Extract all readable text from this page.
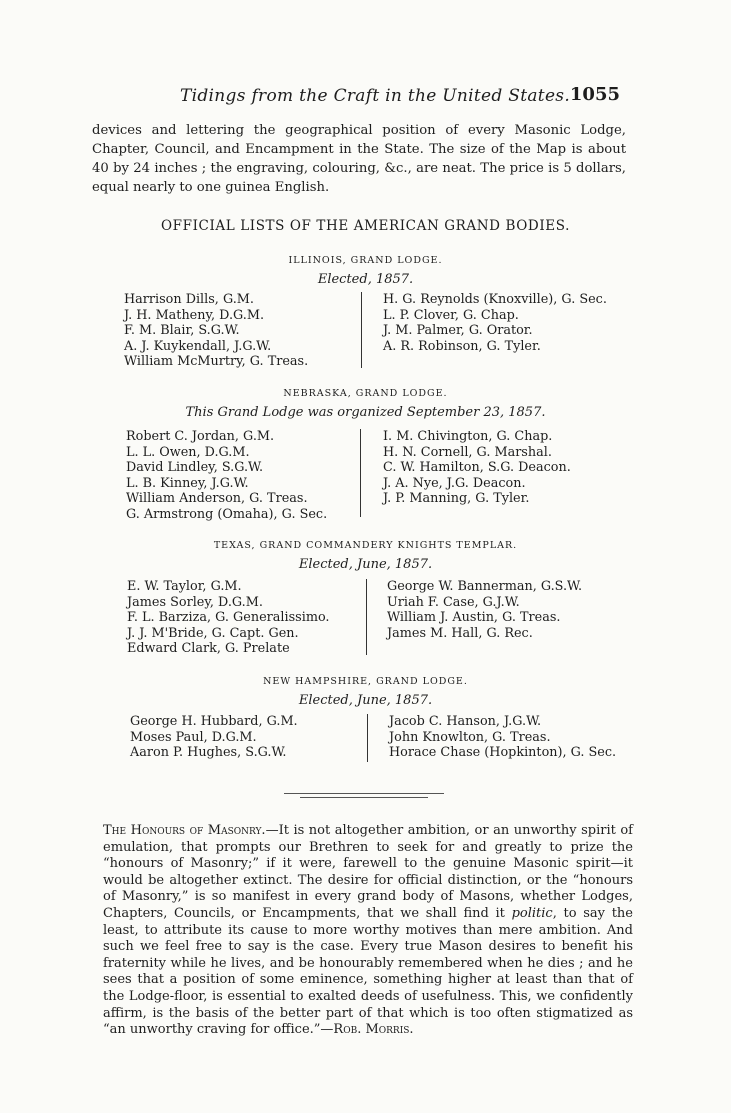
Tidings from the Craft in the United States. 1055
devices and lettering the geographical position of every Masonic Lodge, Chapter, Council, and Encampment in the State. The size of the Map is about 40 by 24 inches ; the engraving, colouring, &c., are neat. The price is 5 dollars, equal nearly to one guinea English.
OFFICIAL LISTS OF THE AMERICAN GRAND BODIES.
ILLINOIS, GRAND LODGE.
Elected, 1857.
Harrison Dills, G.M.
J. H. Matheny, D.G.M.
F. M. Blair, S.G.W.
A. J. Kuykendall, J.G.W.
William McMurtry, G. Treas.
H. G. Reynolds (Knoxville), G. Sec.
L. P. Clover, G. Chap.
J. M. Palmer, G. Orator.
A. R. Robinson, G. Tyler.
NEBRASKA, GRAND LODGE.
This Grand Lodge was organized September 23, 1857.
Robert C. Jordan, G.M.
L. L. Owen, D.G.M.
David Lindley, S.G.W.
L. B. Kinney, J.G.W.
William Anderson, G. Treas.
G. Armstrong (Omaha), G. Sec.
I. M. Chivington, G. Chap.
H. N. Cornell, G. Marshal.
C. W. Hamilton, S.G. Deacon.
J. A. Nye, J.G. Deacon.
J. P. Manning, G. Tyler.
TEXAS, GRAND COMMANDERY KNIGHTS TEMPLAR.
Elected, June, 1857.
E. W. Taylor, G.M.
James Sorley, D.G.M.
F. L. Barziza, G. Generalissimo.
J. J. M'Bride, G. Capt. Gen.
Edward Clark, G. Prelate
George W. Bannerman, G.S.W.
Uriah F. Case, G.J.W.
William J. Austin, G. Treas.
James M. Hall, G. Rec.
NEW HAMPSHIRE, GRAND LODGE.
Elected, June, 1857.
George H. Hubbard, G.M.
Moses Paul, D.G.M.
Aaron P. Hughes, S.G.W.
Jacob C. Hanson, J.G.W.
John Knowlton, G. Treas.
Horace Chase (Hopkinton), G. Sec.
The Honours of Masonry.—It is not altogether ambition, or an unworthy spirit of emulation, that prompts our Brethren to seek for and greatly to prize the “honours of Masonry;” if it were, farewell to the genuine Masonic spirit—it would be altogether extinct. The desire for official distinction, or the “honours of Masonry,” is so manifest in every grand body of Masons, whether Lodges, Chapters, Councils, or Encampments, that we shall find it politic, to say the least, to attribute its cause to more worthy motives than mere ambition. And such we feel free to say is the case. Every true Mason desires to benefit his fraternity while he lives, and be honourably remembered when he dies ; and he sees that a position of some eminence, something higher at least than that of the Lodge-floor, is essential to exalted deeds of usefulness. This, we confidently affirm, is the basis of the better part of that which is too often stigmatized as “an unworthy craving for office.”—Rob. Morris.
